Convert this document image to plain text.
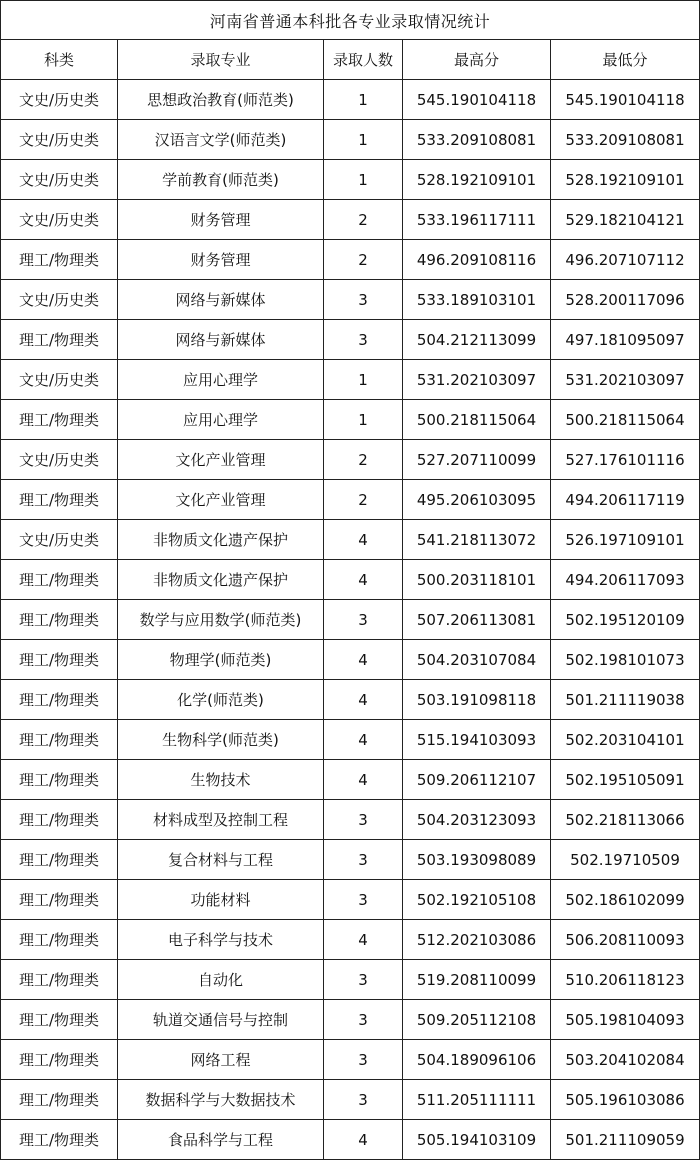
河南省普通本科批各专业录取情况统计				
科类	录取专业	录取人数	最高分	最低分
文史/历史类	思想政治教育(师范类)	1	545.190104118	545.190104118
文史/历史类	汉语言文学(师范类)	1	533.209108081	533.209108081
文史/历史类	学前教育(师范类)	1	528.192109101	528.192109101
文史/历史类	财务管理	2	533.196117111	529.182104121
理工/物理类	财务管理	2	496.209108116	496.207107112
文史/历史类	网络与新媒体	3	533.189103101	528.200117096
理工/物理类	网络与新媒体	3	504.212113099	497.181095097
文史/历史类	应用心理学	1	531.202103097	531.202103097
理工/物理类	应用心理学	1	500.218115064	500.218115064
文史/历史类	文化产业管理	2	527.207110099	527.176101116
理工/物理类	文化产业管理	2	495.206103095	494.206117119
文史/历史类	非物质文化遗产保护	4	541.218113072	526.197109101
理工/物理类	非物质文化遗产保护	4	500.203118101	494.206117093
理工/物理类	数学与应用数学(师范类)	3	507.206113081	502.195120109
理工/物理类	物理学(师范类)	4	504.203107084	502.198101073
理工/物理类	化学(师范类)	4	503.191098118	501.211119038
理工/物理类	生物科学(师范类)	4	515.194103093	502.203104101
理工/物理类	生物技术	4	509.206112107	502.195105091
理工/物理类	材料成型及控制工程	3	504.203123093	502.218113066
理工/物理类	复合材料与工程	3	503.193098089	502.19710509
理工/物理类	功能材料	3	502.192105108	502.186102099
理工/物理类	电子科学与技术	4	512.202103086	506.208110093
理工/物理类	自动化	3	519.208110099	510.206118123
理工/物理类	轨道交通信号与控制	3	509.205112108	505.198104093
理工/物理类	网络工程	3	504.189096106	503.204102084
理工/物理类	数据科学与大数据技术	3	511.205111111	505.196103086
理工/物理类	食品科学与工程	4	505.194103109	501.211109059
